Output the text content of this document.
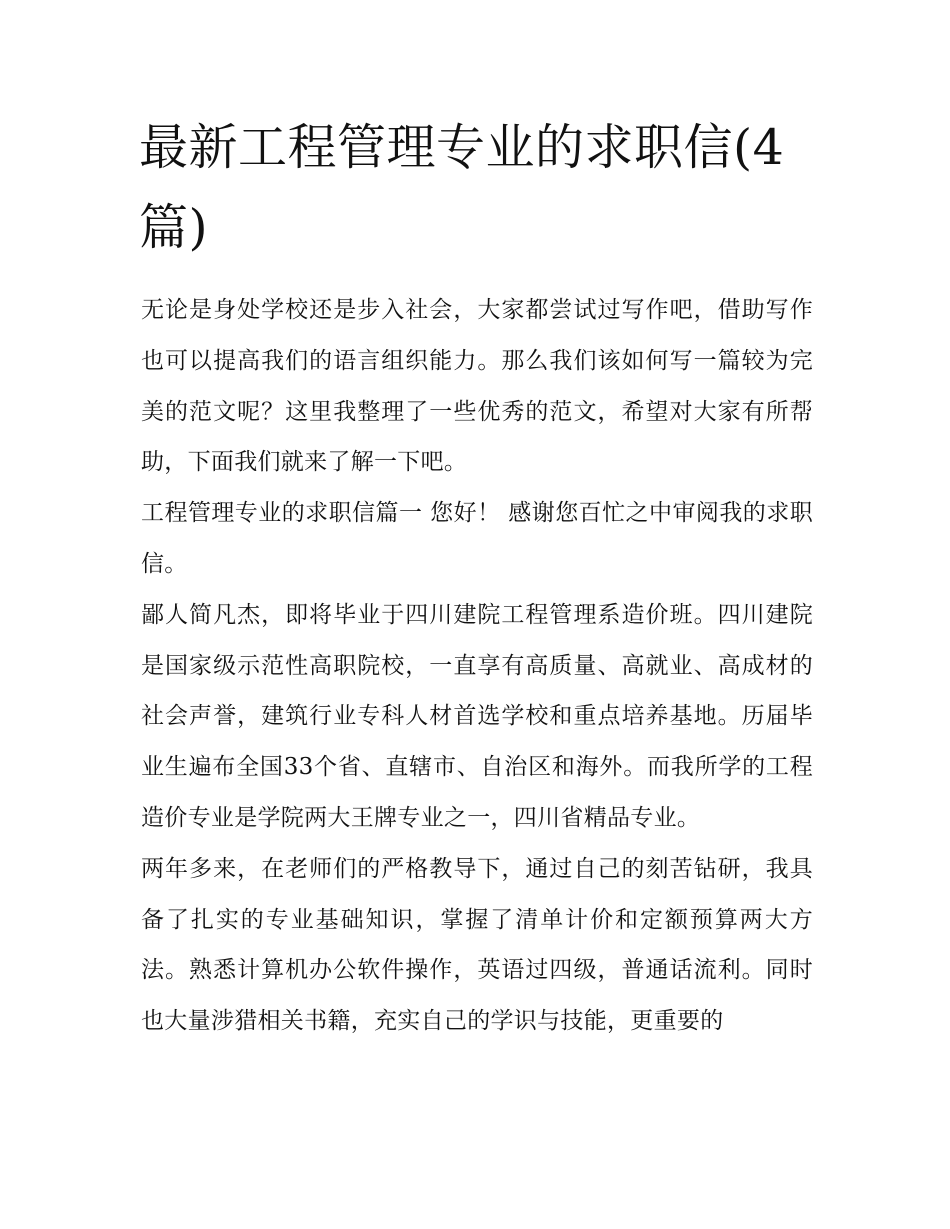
最新工程管理专业的求职信(4篇)

无论是身处学校还是步入社会，大家都尝试过写作吧，借助写作也可以提高我们的语言组织能力。那么我们该如何写一篇较为完美的范文呢？这里我整理了一些优秀的范文，希望对大家有所帮助，下面我们就来了解一下吧。

工程管理专业的求职信篇一 您好！ 感谢您百忙之中审阅我的求职信。

鄙人简凡杰，即将毕业于四川建院工程管理系造价班。四川建院是国家级示范性高职院校，一直享有高质量、高就业、高成材的社会声誉，建筑行业专科人材首选学校和重点培养基地。历届毕业生遍布全国33个省、直辖市、自治区和海外。而我所学的工程造价专业是学院两大王牌专业之一，四川省精品专业。

两年多来，在老师们的严格教导下，通过自己的刻苦钻研，我具备了扎实的专业基础知识，掌握了清单计价和定额预算两大方法。熟悉计算机办公软件操作，英语过四级，普通话流利。同时也大量涉猎相关书籍，充实自己的学识与技能，更重要的
